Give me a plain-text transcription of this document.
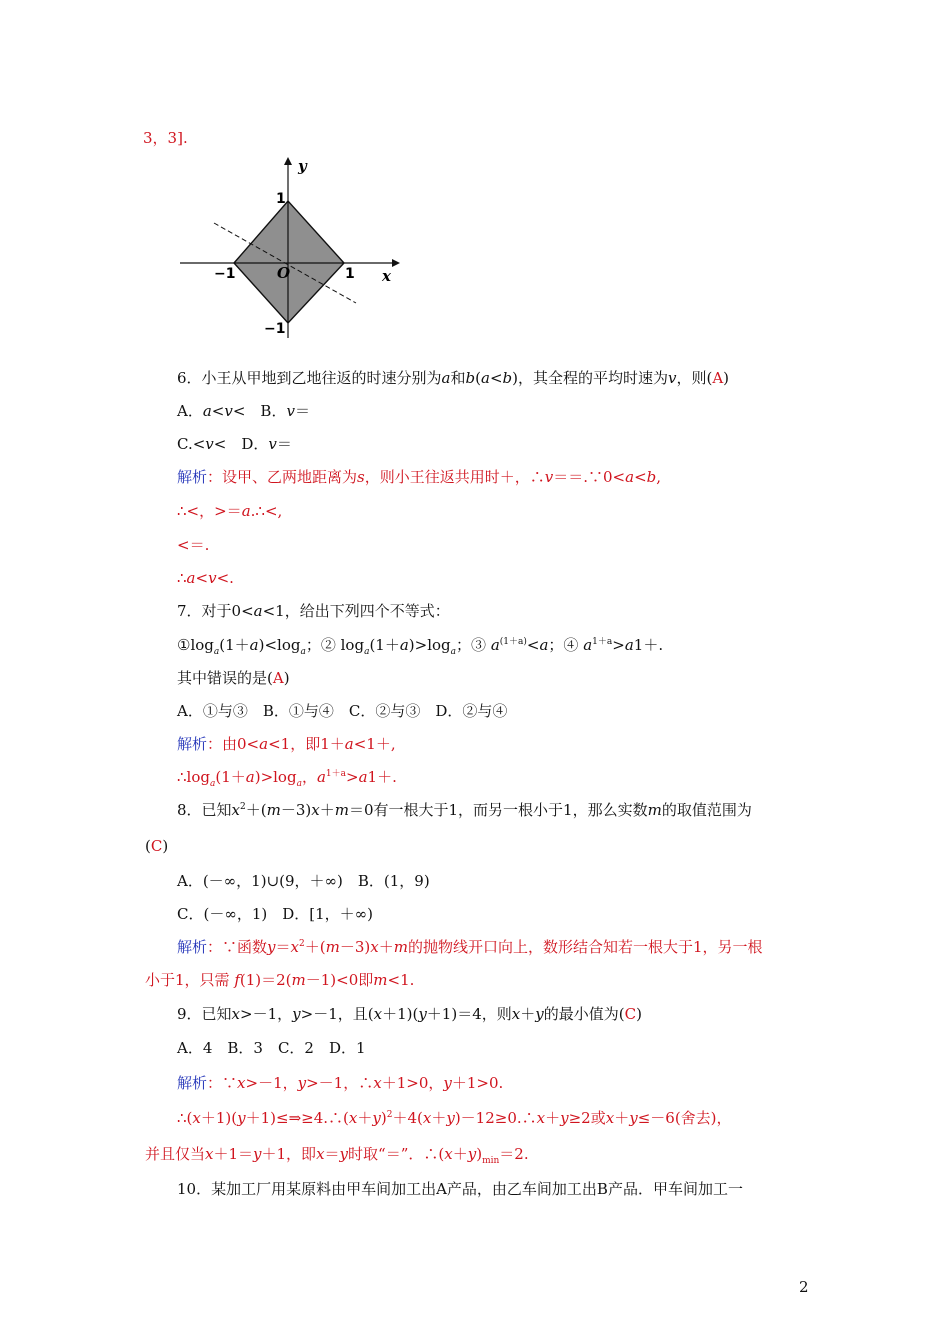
3，3].
y
x
O
1
1
−1
−1
6．小王从甲地到乙地往返的时速分别为a和b(a<b)，其全程的平均时速为v，则(A)
A．a<v<　B．v＝
C.<v<　D．v＝
解析：设甲、乙两地距离为s，则小王往返共用时＋，∴v＝＝.∵0<a<b,
∴<，>＝a.∴<,
<＝.
∴a<v<.
7．对于0<a<1，给出下列四个不等式：
$①\log_a(1+a)<\log_a$；② $\log_a(1+a)>\log_a$；③ $a^{(1+a)}<a$；④ $a^{1+a}>a1+$.
其中错误的是(A)
A．①与③　B．①与④　C．②与③　D．②与④
解析：由0<a<1，即1＋a<1＋,
$\therefore\log_a(1+a)>\log_a$，$a^{1+a}>a1+$.
8．已知$x^2+(m-3)x+m=0$有一根大于1，而另一根小于1，那么实数m的取值范围为
(C)
A．(－∞，1)∪(9，＋∞)　B．(1，9)
C．(－∞，1)　D．[1，＋∞)
解析：∵函数$y=x^2+(m-3)x+m$的抛物线开口向上，数形结合知若一根大于1，另一根
小于1，只需 f(1)＝2(m－1)<0即m<1.
9．已知x>－1，y>－1，且(x＋1)(y＋1)＝4，则x＋y的最小值为(C)
A．4　B．3　C．2　D．1
解析：∵x>－1，y>－1，∴x＋1>0，y＋1>0.
$\therefore(x+1)(y+1)\le\Rightarrow\ge 4.\therefore(x+y)^2+4(x+y)-12\ge 0.\therefore x+y\ge 2$或x＋y≤－6(舍去)，
并且仅当x＋1＝y＋1，即x＝y时取“＝”．$\therefore(x+y)_{min}=2$.
10．某加工厂用某原料由甲车间加工出A产品，由乙车间加工出B产品．甲车间加工一
2
